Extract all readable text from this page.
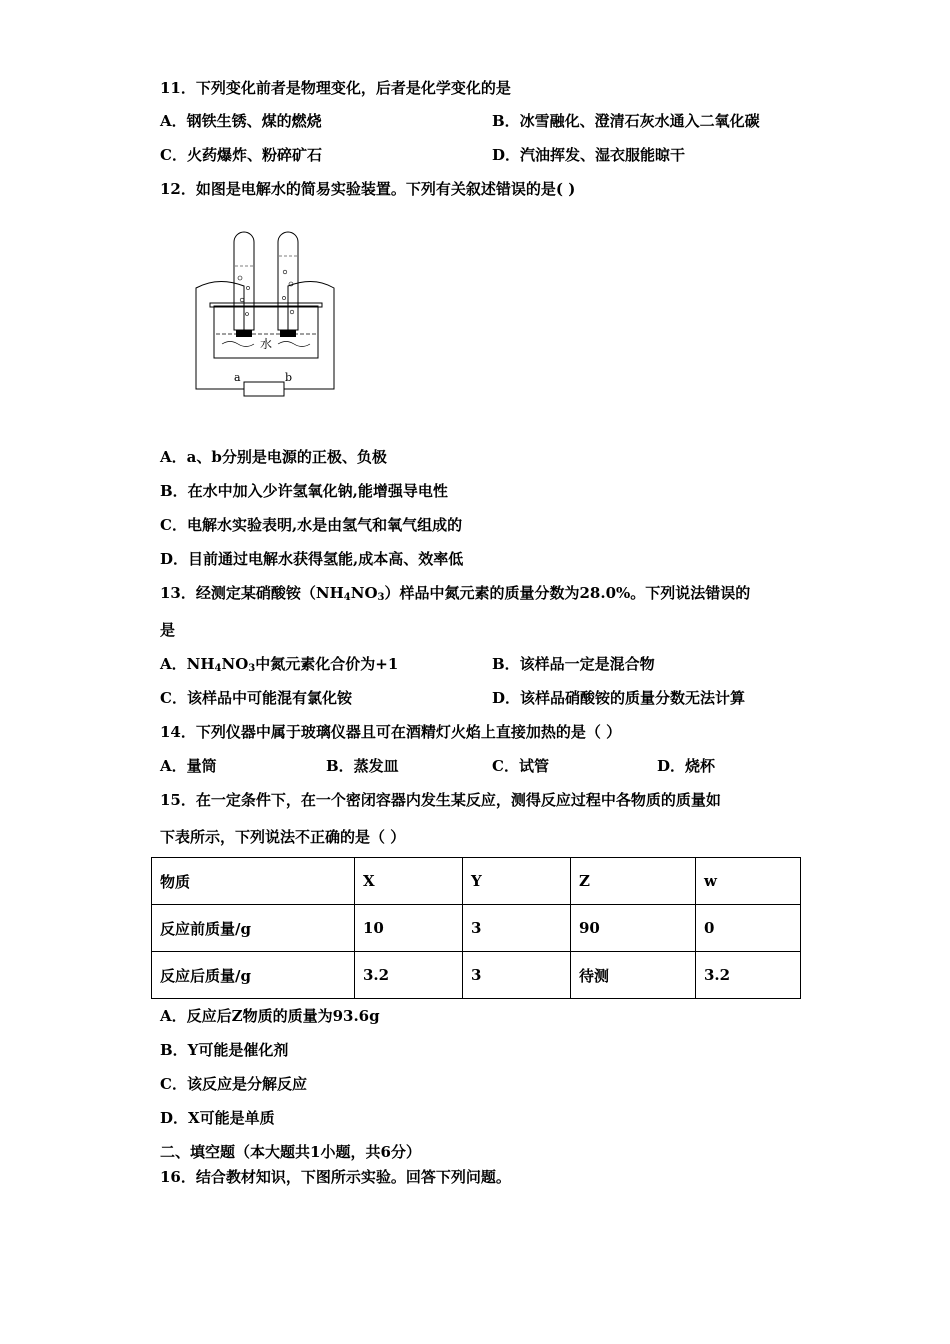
11．下列变化前者是物理变化，后者是化学变化的是
A．钢铁生锈、煤的燃烧	B．冰雪融化、澄清石灰水通入二氧化碳
C．火药爆炸、粉碎矿石	D．汽油挥发、湿衣服能晾干
12．如图是电解水的简易实验装置。下列有关叙述错误的是( )
a	b
水
A．a、b分别是电源的正极、负极
B．在水中加入少许氢氧化钠,能增强导电性
C．电解水实验表明,水是由氢气和氧气组成的
D．目前通过电解水获得氢能,成本高、效率低
13．经测定某硝酸铵$(NH_4NO_3)$样品中氮元素的质量分数为28.0%。下列说法错误的
是
A．$NH_4NO_3$中氮元素化合价为+1	B．该样品一定是混合物
C．该样品中可能混有氯化铵	D．该样品硝酸铵的质量分数无法计算
14．下列仪器中属于玻璃仪器且可在酒精灯火焰上直接加热的是（ ）
A．量筒	B．蒸发皿	C．试管	D．烧杯
15．在一定条件下，在一个密闭容器内发生某反应，测得反应过程中各物质的质量如
下表所示，下列说法不正确的是（ ）
物质	X	Y	Z	w
反应前质量/g	10	3	90	0
反应后质量/g	3.2	3	待测	3.2
A．反应后Z物质的质量为93.6g
B．Y可能是催化剂
C．该反应是分解反应
D．X可能是单质
二、填空题（本大题共1小题，共6分）
16．结合教材知识，下图所示实验。回答下列问题。
